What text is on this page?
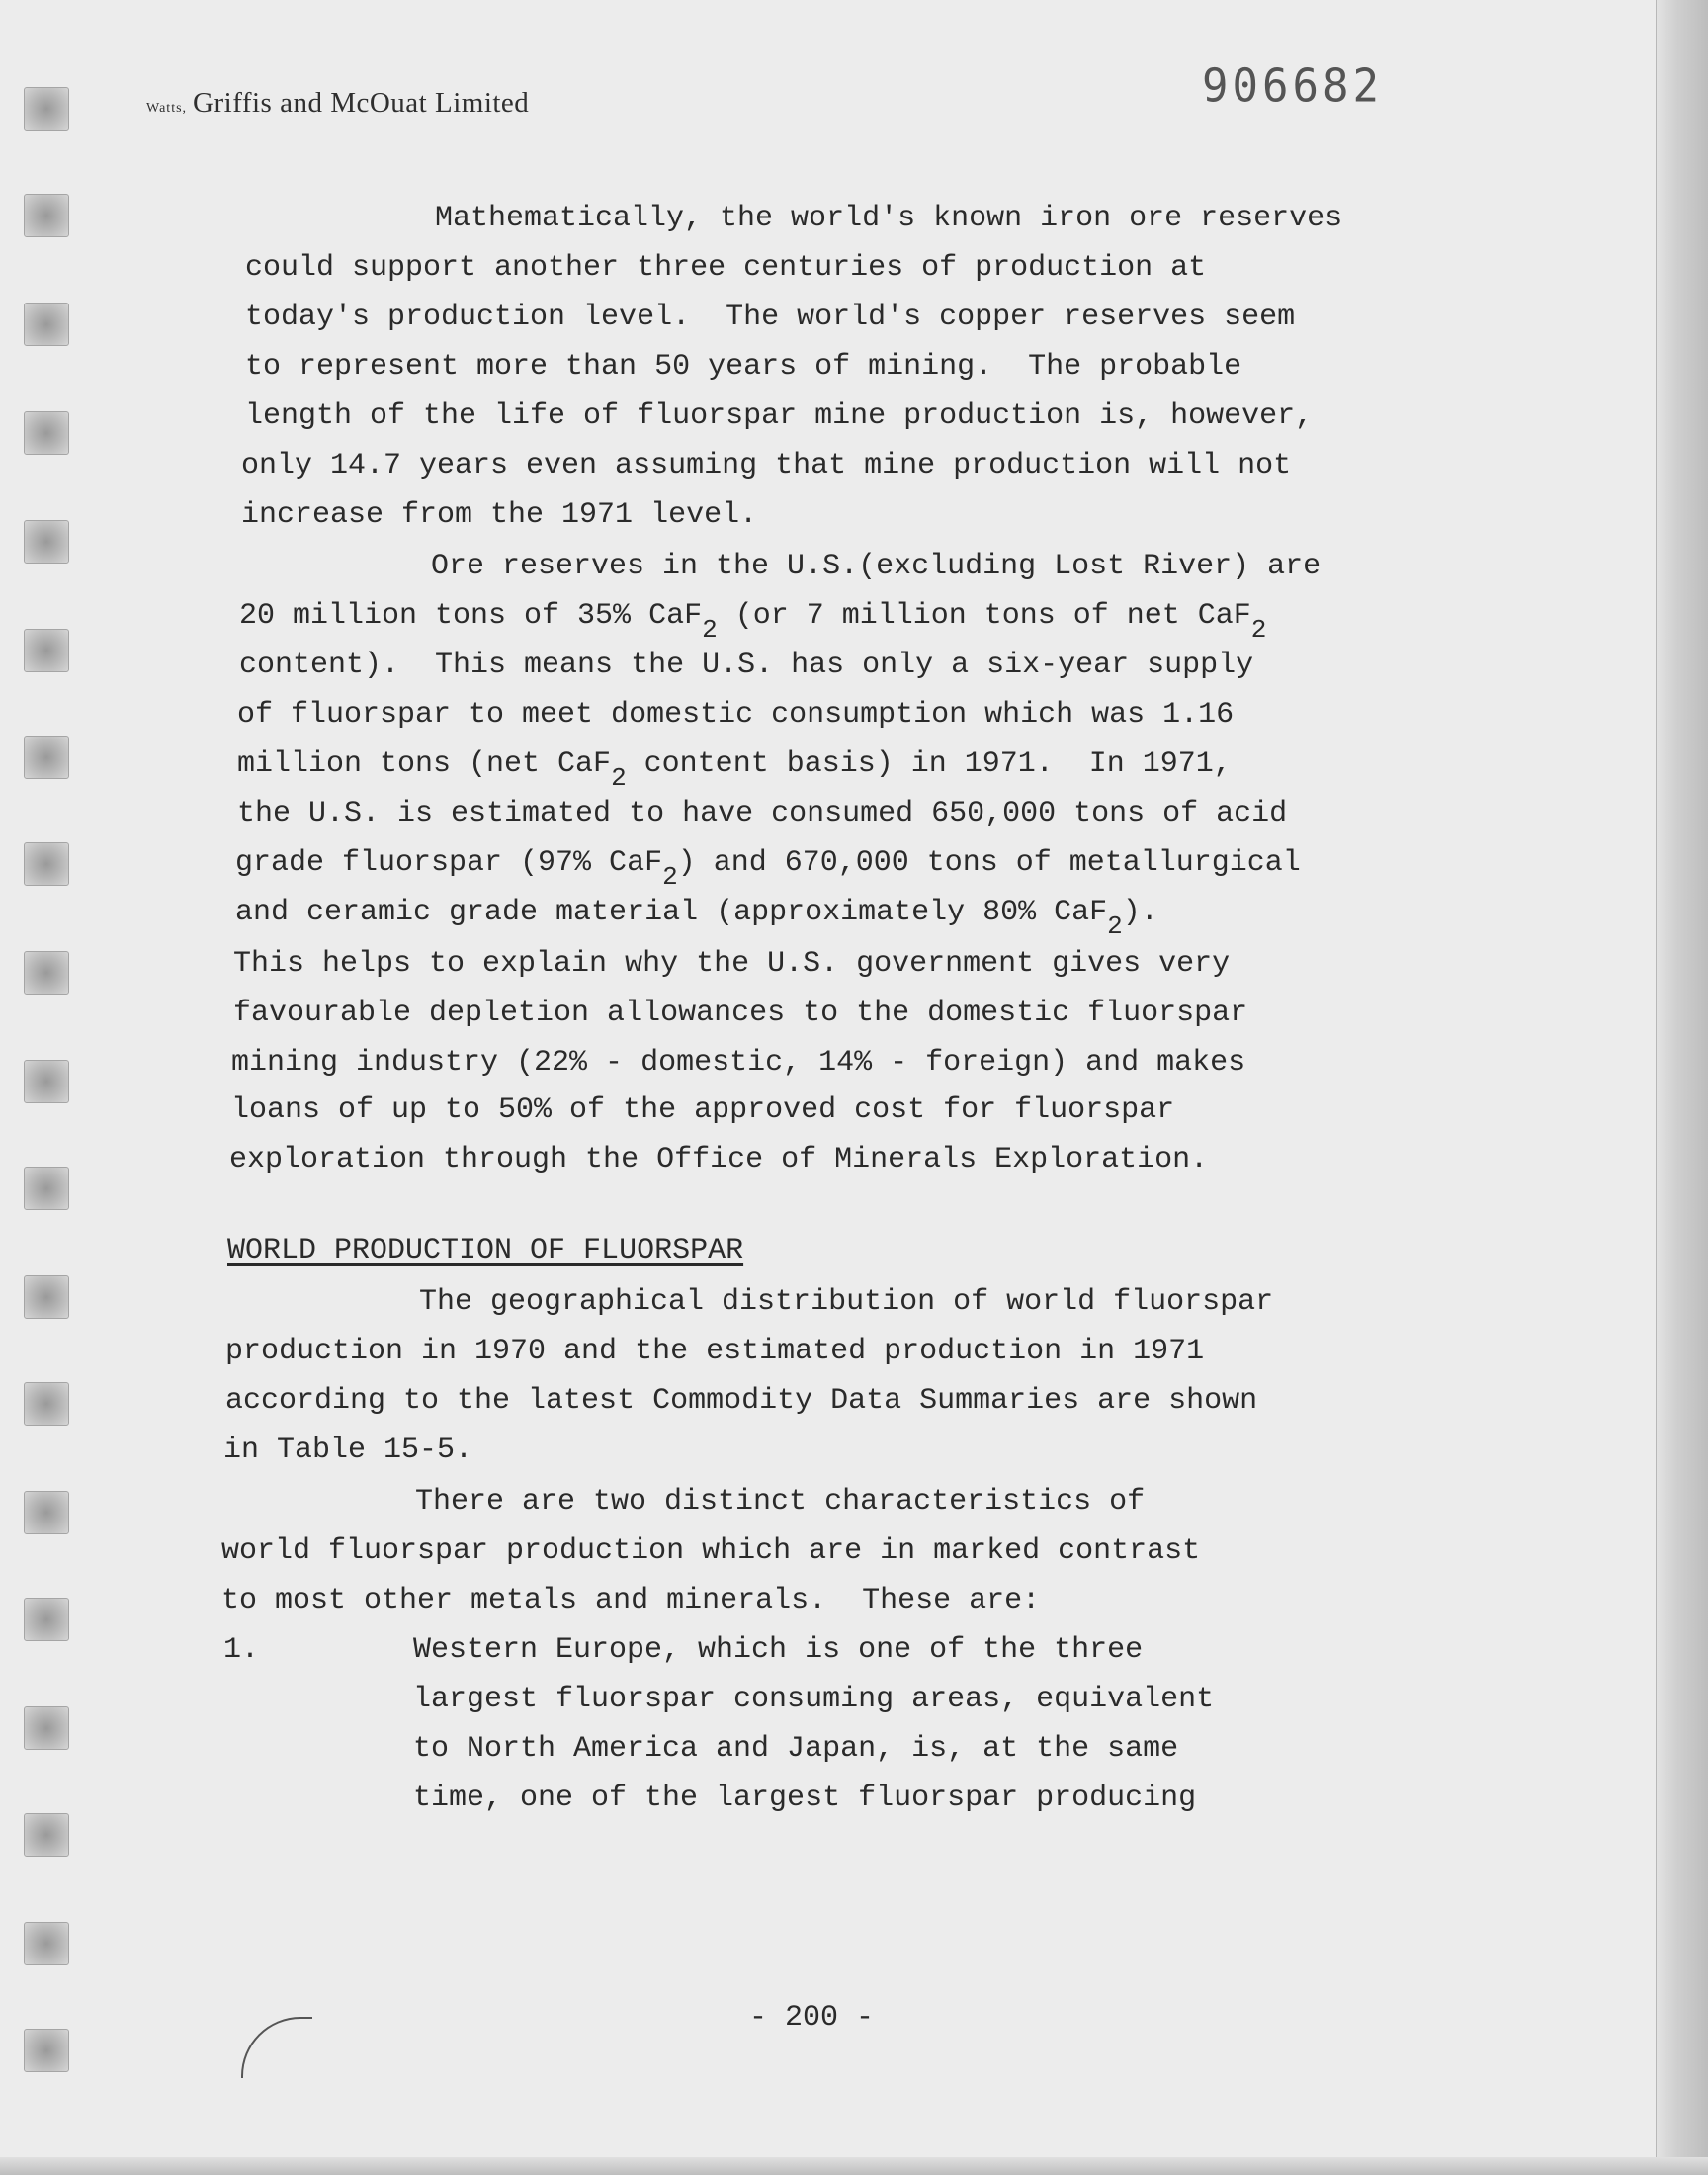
Watts, Griffis and McOuat Limited	906682
Mathematically, the world's known iron ore reserves
could support another three centuries of production at
today's production level.  The world's copper reserves seem
to represent more than 50 years of mining.  The probable
length of the life of fluorspar mine production is, however,
only 14.7 years even assuming that mine production will not
increase from the 1971 level.
Ore reserves in the U.S.(excluding Lost River) are
20 million tons of 35% CaF$_2$ (or 7 million tons of net CaF$_2$
content).  This means the U.S. has only a six-year supply
of fluorspar to meet domestic consumption which was 1.16
million tons (net CaF$_2$ content basis) in 1971.  In 1971,
the U.S. is estimated to have consumed 650,000 tons of acid
grade fluorspar (97% CaF$_2$) and 670,000 tons of metallurgical
and ceramic grade material (approximately 80% CaF$_2$).
This helps to explain why the U.S. government gives very
favourable depletion allowances to the domestic fluorspar
mining industry (22% - domestic, 14% - foreign) and makes
loans of up to 50% of the approved cost for fluorspar
exploration through the Office of Minerals Exploration.
WORLD PRODUCTION OF FLUORSPAR
The geographical distribution of world fluorspar
production in 1970 and the estimated production in 1971
according to the latest Commodity Data Summaries are shown
in Table 15-5.
There are two distinct characteristics of
world fluorspar production which are in marked contrast
to most other metals and minerals.  These are:
1.	Western Europe, which is one of the three
largest fluorspar consuming areas, equivalent
to North America and Japan, is, at the same
time, one of the largest fluorspar producing
- 200 -
